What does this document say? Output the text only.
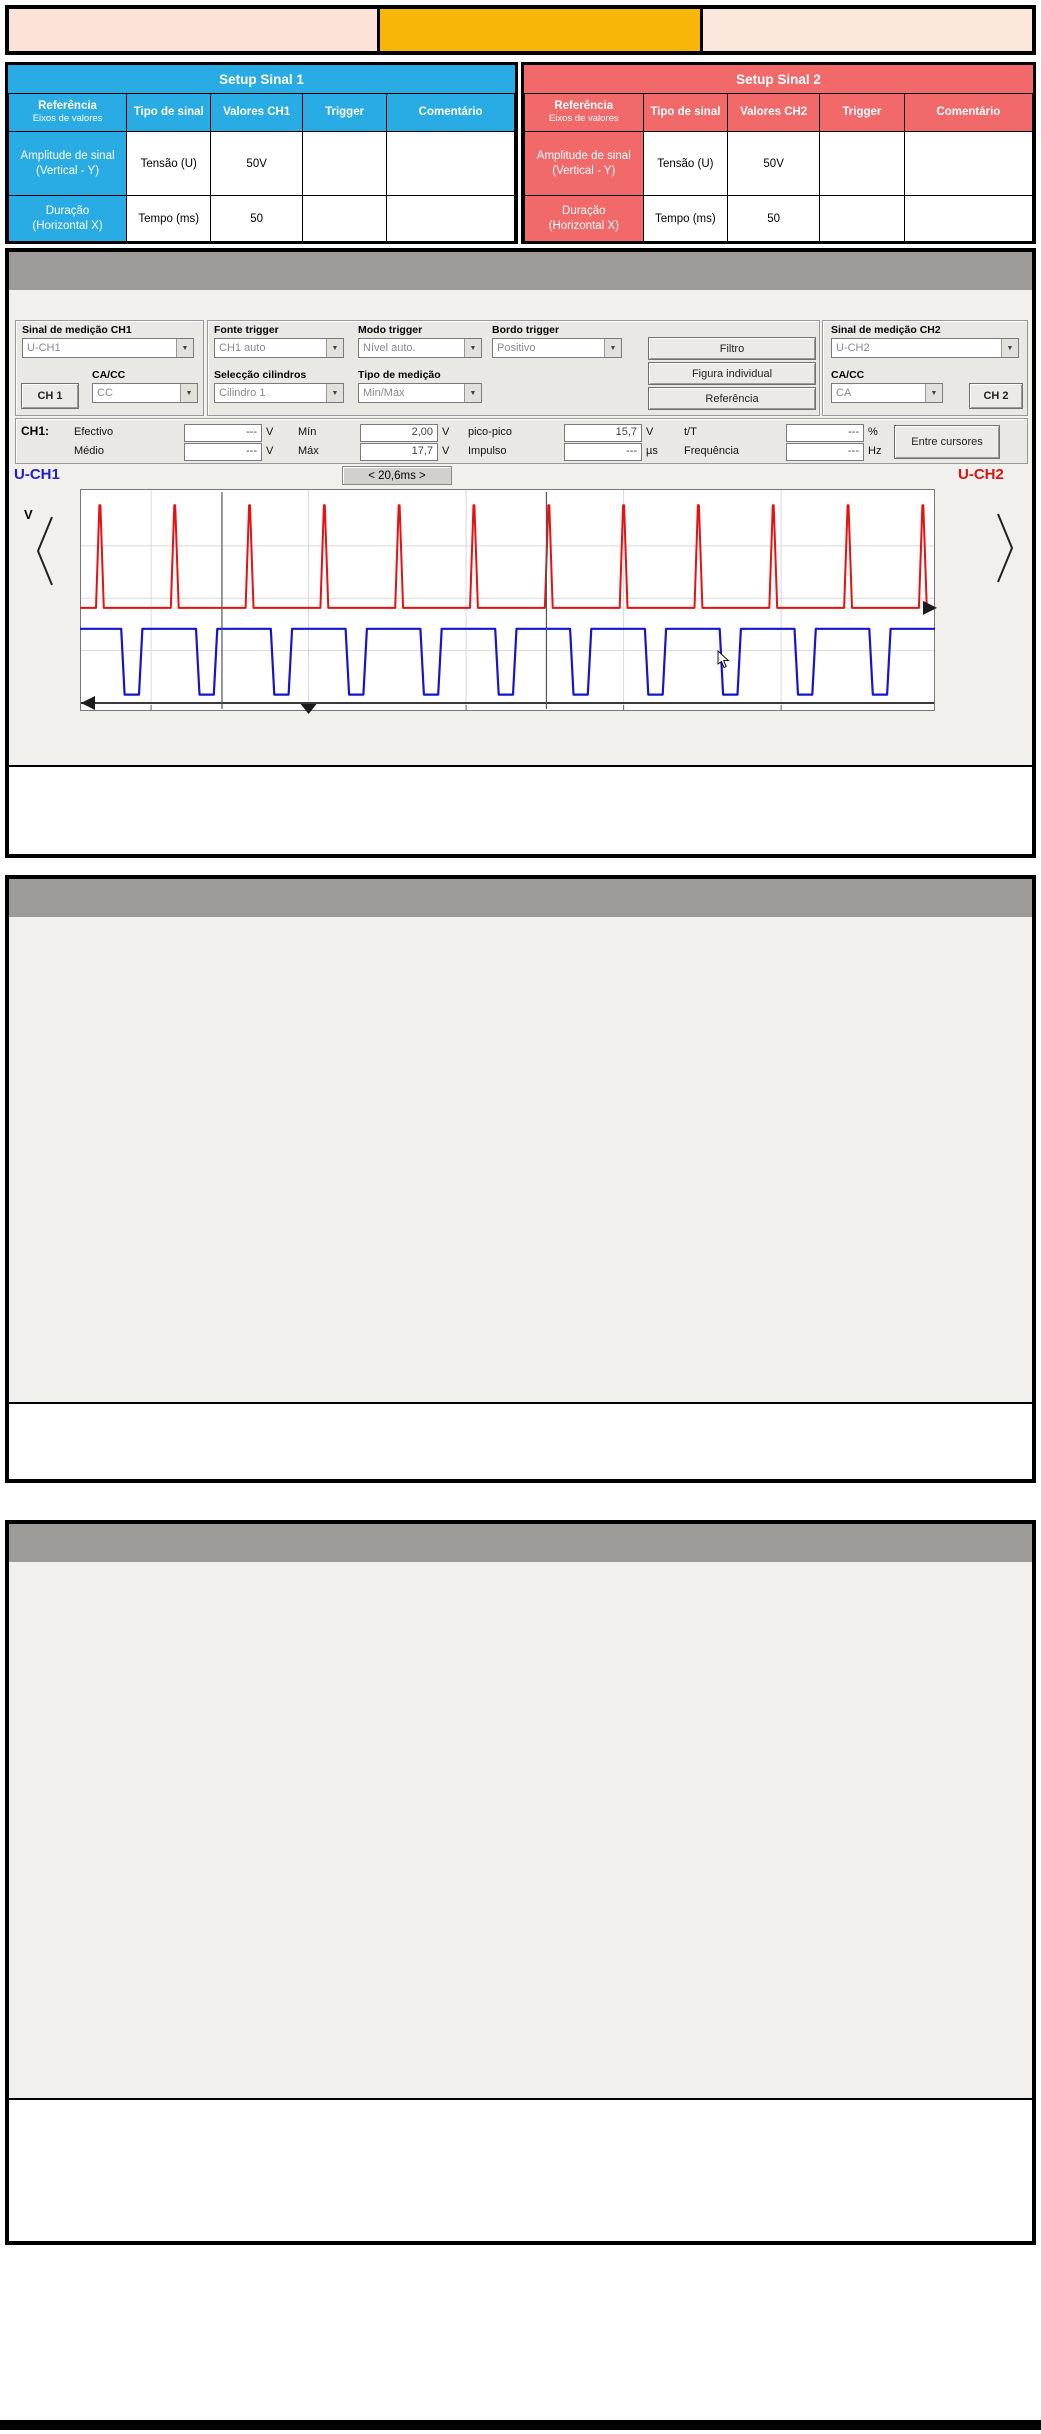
Setup Sinal 1
Referência
Eixos de valores	Tipo de sinal	Valores CH1	Trigger	Comentário
Amplitude de sinal
(Vertical - Y)	Tensão (U)	50V		
Duração
(Horizontal X)	Tempo (ms)	50		
Setup Sinal 2
Referência
Eixos de valores	Tipo de sinal	Valores CH2	Trigger	Comentário
Amplitude de sinal
(Vertical - Y)	Tensão (U)	50V		
Duração
(Horizontal X)	Tempo (ms)	50		
Sinal de medição CH1
U-CH1	▼
CH 1
CA/CC
CC	▼
Fonte trigger
CH1 auto	▼
Modo trigger
Nível auto.	▼
Bordo trigger
Positivo	▼
Selecção cilindros
Cilindro 1	▼
Tipo de medição
Min/Máx	▼
Filtro
Figura individual
Referência
Sinal de medição CH2
U-CH2	▼
CA/CC
CA	▼	CH 2
CH1: Efectivo	--- V
Médio	--- V
Mín	2,00 V
Máx	17,7 V
pico-pico	15,7 V
Impulso	--- µs
t/T	--- %
Frequência	--- Hz
Entre cursores
U-CH1	< 20,6ms >	U-CH2
V
